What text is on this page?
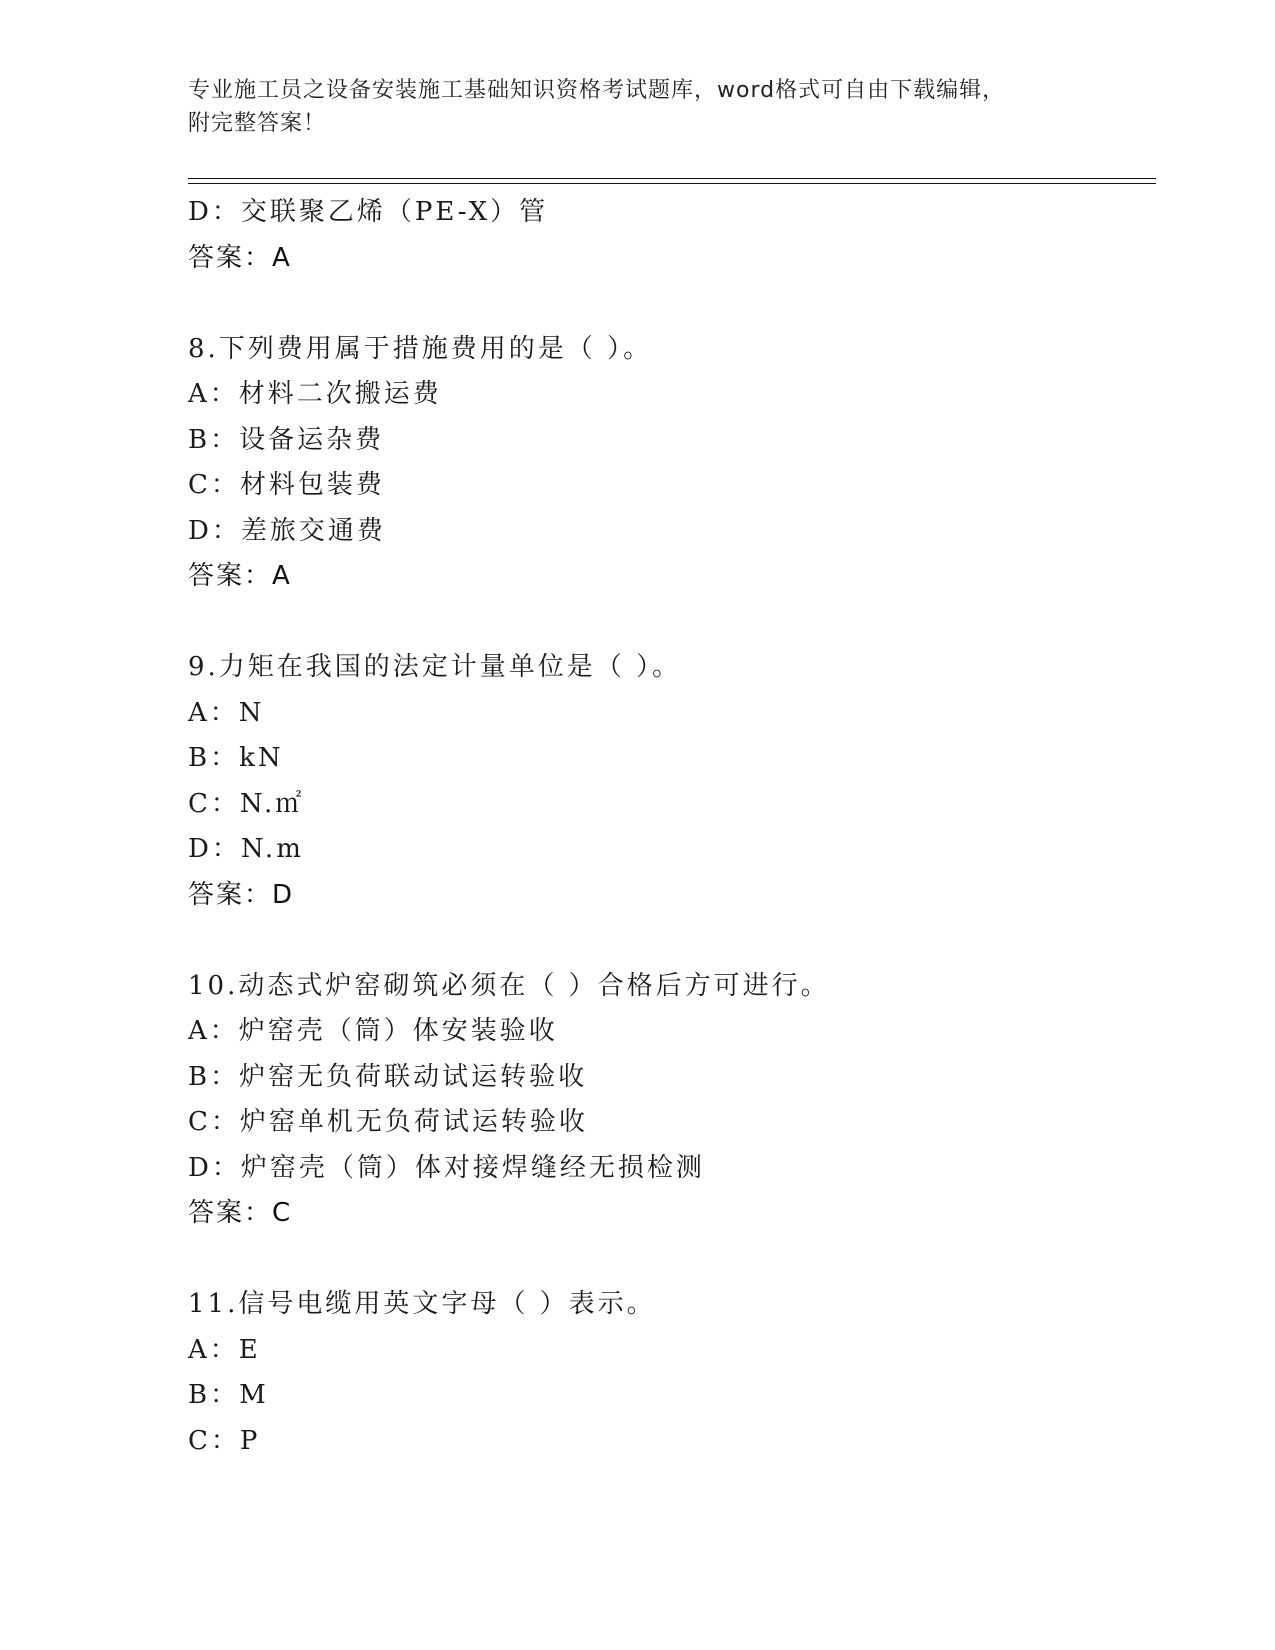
专业施工员之设备安装施工基础知识资格考试题库，word格式可自由下载编辑，
附完整答案！
D：交联聚乙烯（PE-X）管
答案：A
8.下列费用属于措施费用的是（ ）。
A：材料二次搬运费
B：设备运杂费
C：材料包装费
D：差旅交通费
答案：A
9.力矩在我国的法定计量单位是（ ）。
A：N
B：kN
C：N.㎡
D：N.m
答案：D
10.动态式炉窑砌筑必须在（ ）合格后方可进行。
A：炉窑壳（筒）体安装验收
B：炉窑无负荷联动试运转验收
C：炉窑单机无负荷试运转验收
D：炉窑壳（筒）体对接焊缝经无损检测
答案：C
11.信号电缆用英文字母（ ）表示。
A：E
B：M
C：P
